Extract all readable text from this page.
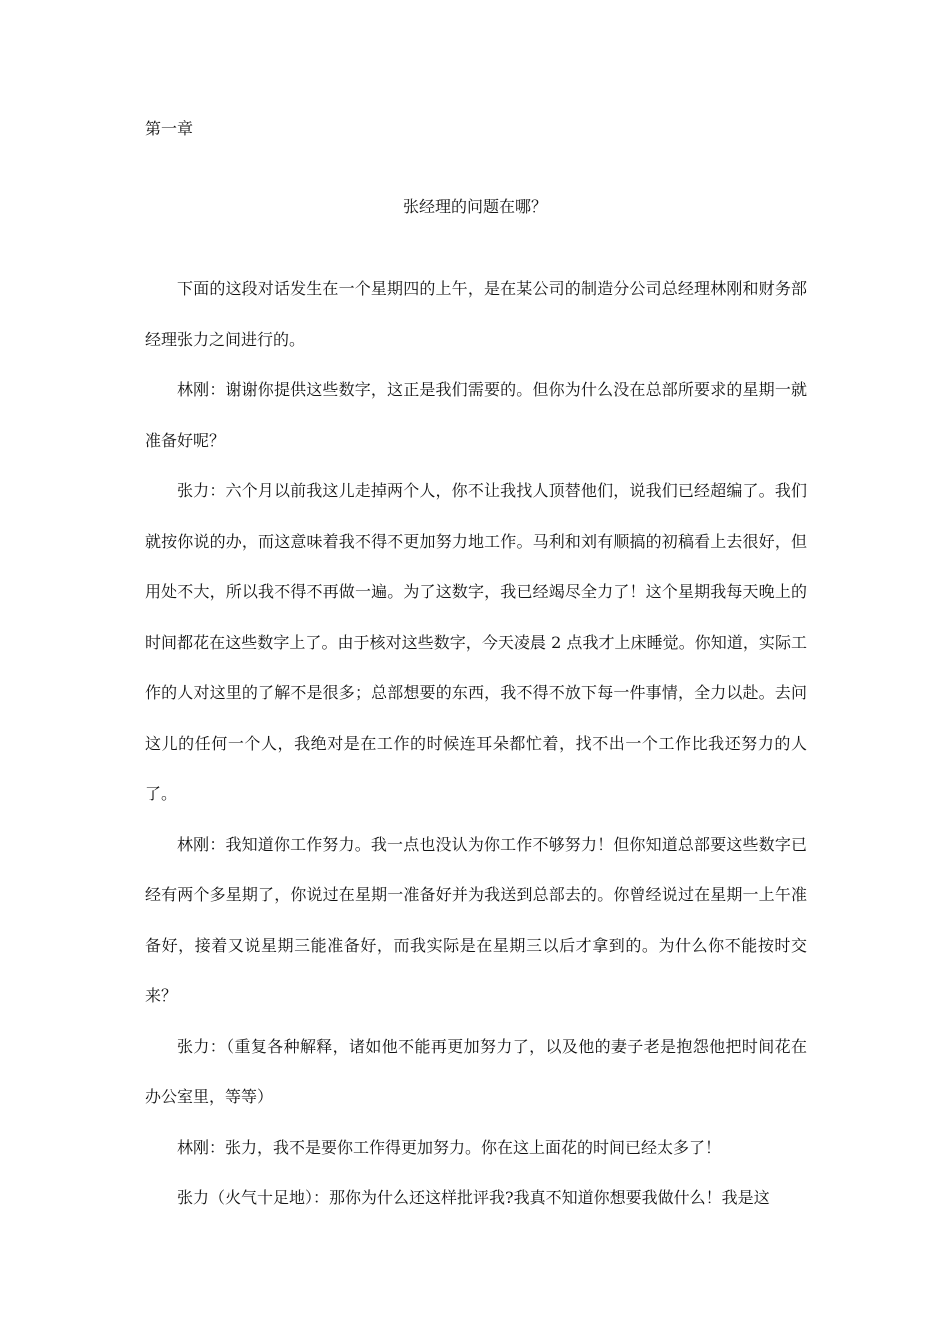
第一章
张经理的问题在哪？

下面的这段对话发生在一个星期四的上午，是在某公司的制造分公司总经理林刚和财务部经理张力之间进行的。

林刚：谢谢你提供这些数字，这正是我们需要的。但你为什么没在总部所要求的星期一就准备好呢？

张力：六个月以前我这儿走掉两个人，你不让我找人顶替他们，说我们已经超编了。我们就按你说的办，而这意味着我不得不更加努力地工作。马利和刘有顺搞的初稿看上去很好，但用处不大，所以我不得不再做一遍。为了这数字，我已经竭尽全力了！这个星期我每天晚上的时间都花在这些数字上了。由于核对这些数字，今天凌晨 2 点我才上床睡觉。你知道，实际工作的人对这里的了解不是很多；总部想要的东西，我不得不放下每一件事情，全力以赴。去问这儿的任何一个人，我绝对是在工作的时候连耳朵都忙着，找不出一个工作比我还努力的人了。

林刚：我知道你工作努力。我一点也没认为你工作不够努力！但你知道总部要这些数字已经有两个多星期了，你说过在星期一准备好并为我送到总部去的。你曾经说过在星期一上午准备好，接着又说星期三能准备好，而我实际是在星期三以后才拿到的。为什么你不能按时交来？

张力：（重复各种解释，诸如他不能再更加努力了，以及他的妻子老是抱怨他把时间花在办公室里，等等）

林刚：张力，我不是要你工作得更加努力。你在这上面花的时间已经太多了！

张力（火气十足地）：那你为什么还这样批评我?我真不知道你想要我做什么！我是这
